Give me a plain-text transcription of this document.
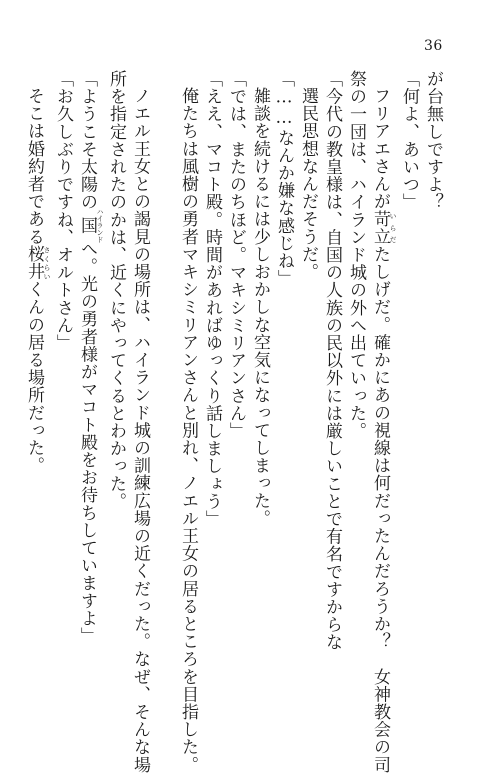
36
が台無しですよ？
「何よ、あいつ」
フリアエさんが苛立 いらだたしげだ。確かにあの視線は何だったんだろうか？　女神教会の司
祭の一団は、ハイランド城の外へ出ていった。
「今代の教皇様は、自国の人族の民以外には厳しいことで有名ですからな
選民思想なんだそうだ。
「……なんか嫌な感じね」
雑談を続けるには少しおかしな空気になってしまった。
「では、またのちほど。マキシミリアンさん」
「ええ、マコト殿。時間があればゆっくり話しましょう」
俺たちは風樹の勇者マキシミリアンさんと別れ、ノエル王女の居るところを目指した。
ノエル王女との謁見の場所は、ハイランド城の訓練広場の近くだった。なぜ、そんな場
所を指定されたのかは、近くにやってくるとわかった。
「ようこそ太陽の国 ハイランドへ。光の勇者様がマコト殿をお待ちしていますよ」
「お久しぶりですね、オルトさん」
そこは婚約者である桜井 さくらいくんの居る場所だった。
